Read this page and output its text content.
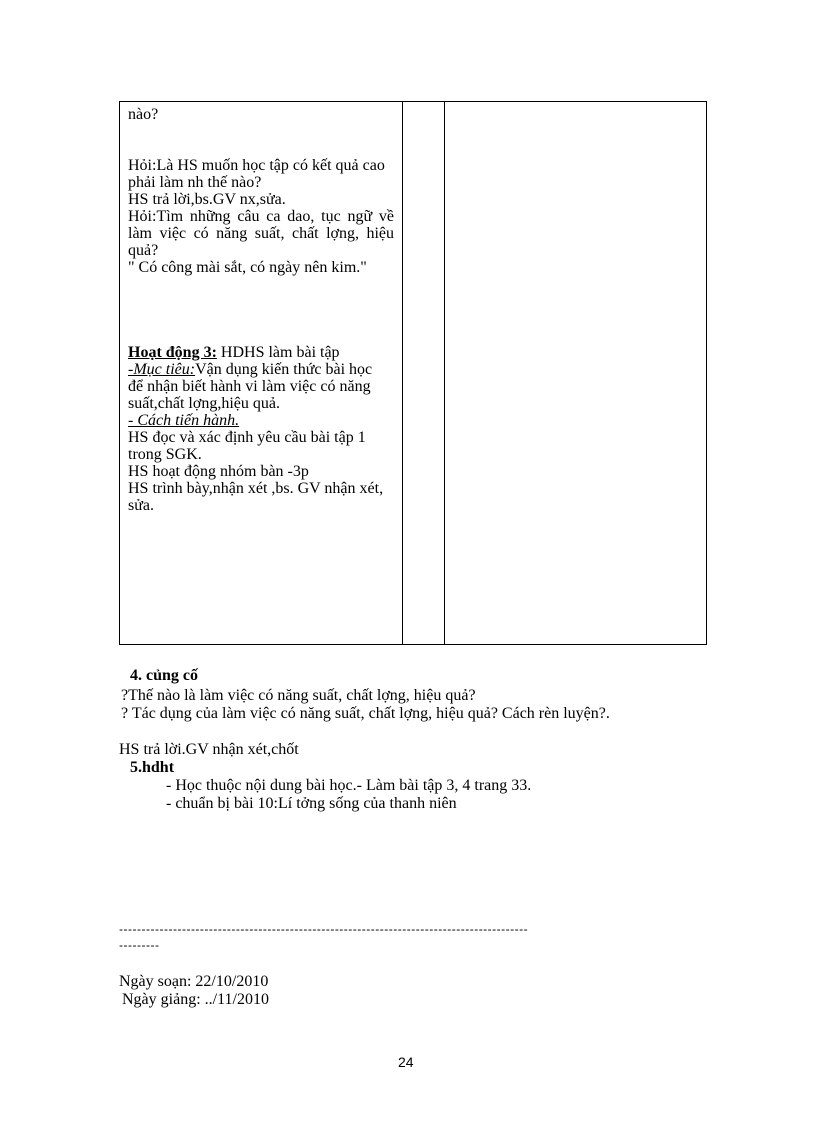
nào?

Hỏi:Là HS muốn học tập có kết quả cao

phải làm nh thế nào?

HS trả lời,bs.GV nx,sửa.

Hỏi:Tìm những câu ca dao, tục ngữ về làm việc có năng suất, chất lợng, hiệu quả?

" Có công mài sắt, có ngày nên kim."

Hoạt động 3: HDHS làm bài tập

-Mục tiêu:Vận dụng kiến thức bài học

để nhận biết hành vi làm việc có năng

suất,chất lợng,hiệu quả.

- Cách tiến hành.

HS đọc và xác định yêu cầu bài tập 1

trong SGK.

HS hoạt động nhóm bàn -3p

HS trình bày,nhận xét ,bs. GV nhận xét,

sửa.

4. củng cố
?Thế nào là làm việc có năng suất, chất lợng, hiệu quả?
? Tác dụng của làm việc có năng suất, chất lợng, hiệu quả? Cách rèn luyện?.
HS trả lời.GV nhận xét,chốt
5.hdht
- Học thuộc nội dung bài học.- Làm bài tập 3, 4 trang 33.
- chuẩn bị bài 10:Lí tởng sống của thanh niên
-------------------------------------------------------------------------------------------
---------
Ngày soạn: 22/10/2010
Ngày giảng: ../11/2010
24
